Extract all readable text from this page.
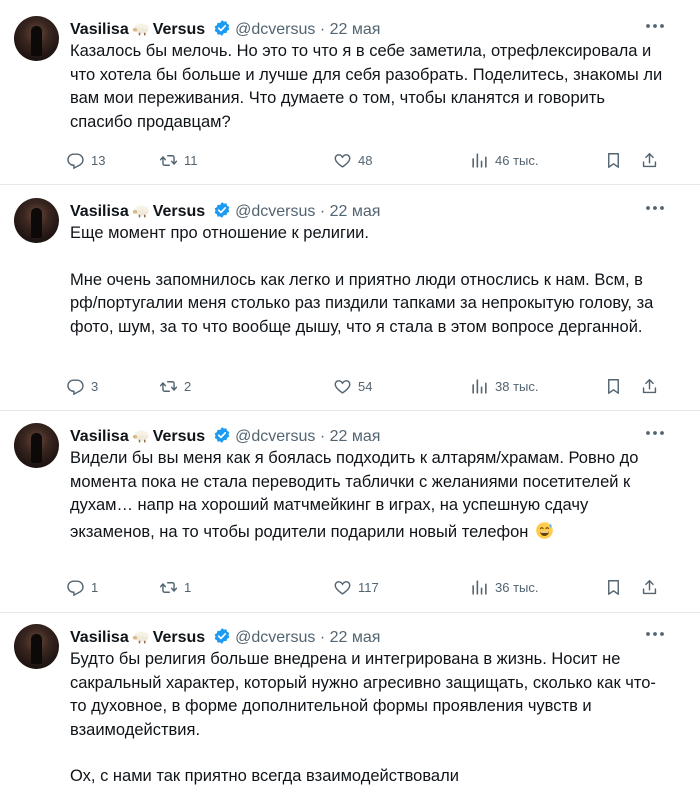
Vasilisa Versus @dcversus · 22 мая

Казалось бы мелочь. Но это то что я в себе заметила, отрефлексировала и что хотела бы больше и лучше для себя разобрать. Поделитесь, знакомы ли вам мои переживания. Что думаете о том, чтобы кланятся и говорить спасибо продавцам?

13	11	48	46 тыс.
Vasilisa Versus @dcversus · 22 мая

Еще момент про отношение к религии.

Мне очень запомнилось как легко и приятно люди относлись к нам. Всм, в рф/португалии меня столько раз пиздили тапками за непрокытую голову, за фото, шум, за то что вообще дышу, что я стала в этом вопросе дерганной.

3	2	54	38 тыс.
Vasilisa Versus @dcversus · 22 мая

Видели бы вы меня как я боялась подходить к алтарям/храмам. Ровно до момента пока не стала переводить таблички с желаниями посетителей к духам… напр на хороший матчмейкинг в играх, на успешную сдачу экзаменов, на то чтобы родители подарили новый телефон

1	1	117	36 тыс.
Vasilisa Versus @dcversus · 22 мая

Будто бы религия больше внедрена и интегрирована в жизнь. Носит не сакральный характер, который нужно агресивно защищать, сколько как что-то духовное, в форме дополнительной формы проявления чувств и взаимодействия.

Ох, с нами так приятно всегда взаимодействовали
